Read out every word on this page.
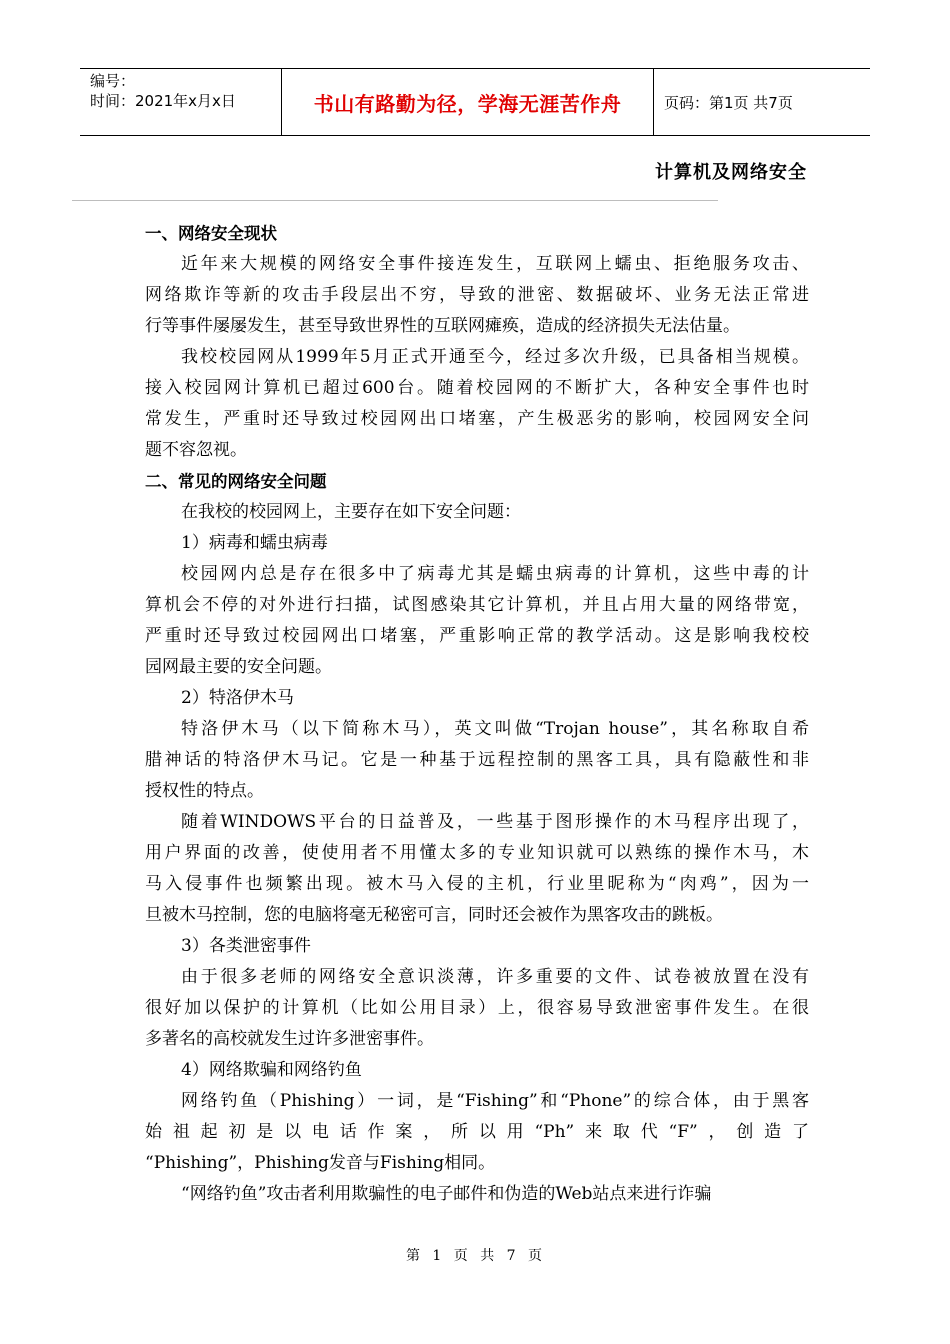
编号：
时间：2021年x月x日	书山有路勤为径，学海无涯苦作舟	页码：第1页 共7页
计算机及网络安全
一、网络安全现状
近年来大规模的网络安全事件接连发生，互联网上蠕虫、拒绝服务攻击、
网络欺诈等新的攻击手段层出不穷，导致的泄密、数据破坏、业务无法正常进
行等事件屡屡发生，甚至导致世界性的互联网瘫痪，造成的经济损失无法估量。
我校校园网从1999年5月正式开通至今，经过多次升级，已具备相当规模。
接入校园网计算机已超过600台。随着校园网的不断扩大，各种安全事件也时
常发生，严重时还导致过校园网出口堵塞，产生极恶劣的影响，校园网安全问
题不容忽视。
二、常见的网络安全问题
在我校的校园网上，主要存在如下安全问题：
1）病毒和蠕虫病毒
校园网内总是存在很多中了病毒尤其是蠕虫病毒的计算机，这些中毒的计
算机会不停的对外进行扫描，试图感染其它计算机，并且占用大量的网络带宽，
严重时还导致过校园网出口堵塞，严重影响正常的教学活动。这是影响我校校
园网最主要的安全问题。
2）特洛伊木马
特洛伊木马（以下简称木马），英文叫做“Trojan house”，其名称取自希
腊神话的特洛伊木马记。它是一种基于远程控制的黑客工具，具有隐蔽性和非
授权性的特点。
随着WINDOWS平台的日益普及，一些基于图形操作的木马程序出现了，
用户界面的改善，使使用者不用懂太多的专业知识就可以熟练的操作木马，木
马入侵事件也频繁出现。被木马入侵的主机，行业里昵称为“肉鸡”，因为一
旦被木马控制，您的电脑将毫无秘密可言，同时还会被作为黑客攻击的跳板。
3）各类泄密事件
由于很多老师的网络安全意识淡薄，许多重要的文件、试卷被放置在没有
很好加以保护的计算机（比如公用目录）上，很容易导致泄密事件发生。在很
多著名的高校就发生过许多泄密事件。
4）网络欺骗和网络钓鱼
网络钓鱼（Phishing）一词，是“Fishing”和“Phone”的综合体，由于黑客
始祖起初是以电话作案，所以用“Ph”来取代“F”，创造了
“Phishing”，Phishing发音与Fishing相同。
“网络钓鱼”攻击者利用欺骗性的电子邮件和伪造的Web站点来进行诈骗
第 1 页 共 7 页
